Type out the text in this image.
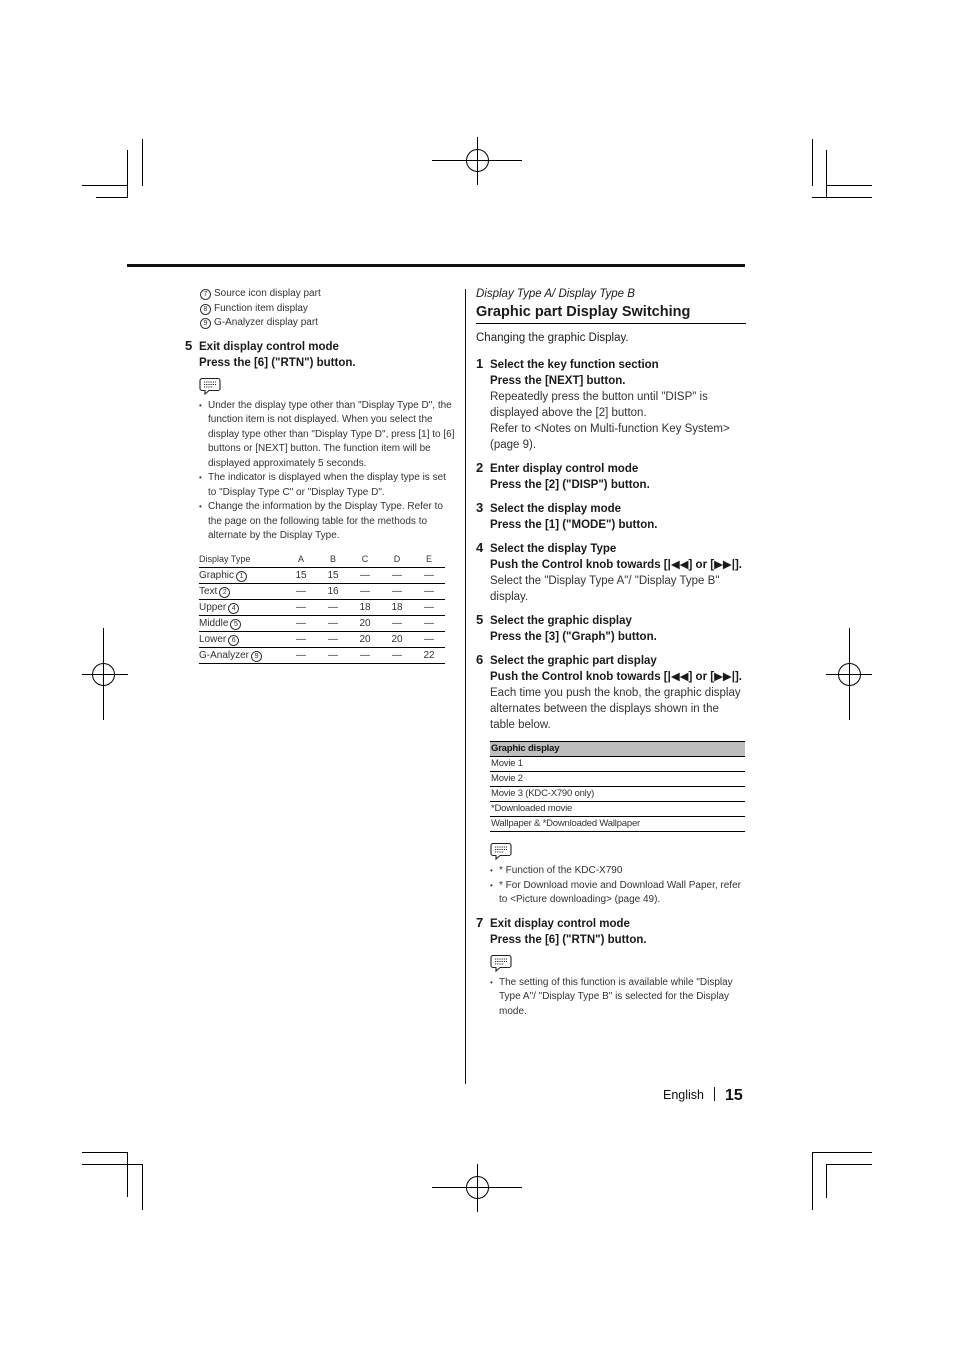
7 Source icon display part
8 Function item display
9 G-Analyzer display part
5 Exit display control mode
Press the [6] ("RTN") button.
• Under the display type other than "Display Type D", the function item is not displayed. When you select the display type other than "Display Type D", press [1] to [6] buttons or [NEXT] button. The function item will be displayed approximately 5 seconds.
• The indicator is displayed when the display type is set to "Display Type C" or "Display Type D".
• Change the information by the Display Type. Refer to the page on the following table for the methods to alternate by the Display Type.
Display Type	A	B	C	D	E
Graphic 1	15	15	—	—	—
Text 2	—	16	—	—	—
Upper 4	—	—	18	18	—
Middle 5	—	—	20	—	—
Lower 6	—	—	20	20	—
G-Analyzer 9	—	—	—	—	22
Display Type A/ Display Type B
Graphic part Display Switching
Changing the graphic Display.
1 Select the key function section
Press the [NEXT] button.
Repeatedly press the button until "DISP" is displayed above the [2] button.
Refer to <Notes on Multi-function Key System> (page 9).
2 Enter display control mode
Press the [2] ("DISP") button.
3 Select the display mode
Press the [1] ("MODE") button.
4 Select the display Type
Push the Control knob towards [|◀◀] or [▶▶|].
Select the "Display Type A"/ "Display Type B" display.
5 Select the graphic display
Press the [3] ("Graph") button.
6 Select the graphic part display
Push the Control knob towards [|◀◀] or [▶▶|].
Each time you push the knob, the graphic display alternates between the displays shown in the table below.
Graphic display
Movie 1
Movie 2
Movie 3 (KDC-X790 only)
*Downloaded movie
Wallpaper & *Downloaded Wallpaper
• * Function of the KDC-X790
• * For Download movie and Download Wall Paper, refer to <Picture downloading> (page 49).
7 Exit display control mode
Press the [6] ("RTN") button.
• The setting of this function is available while "Display Type A"/ "Display Type B" is selected for the Display mode.
English 15
